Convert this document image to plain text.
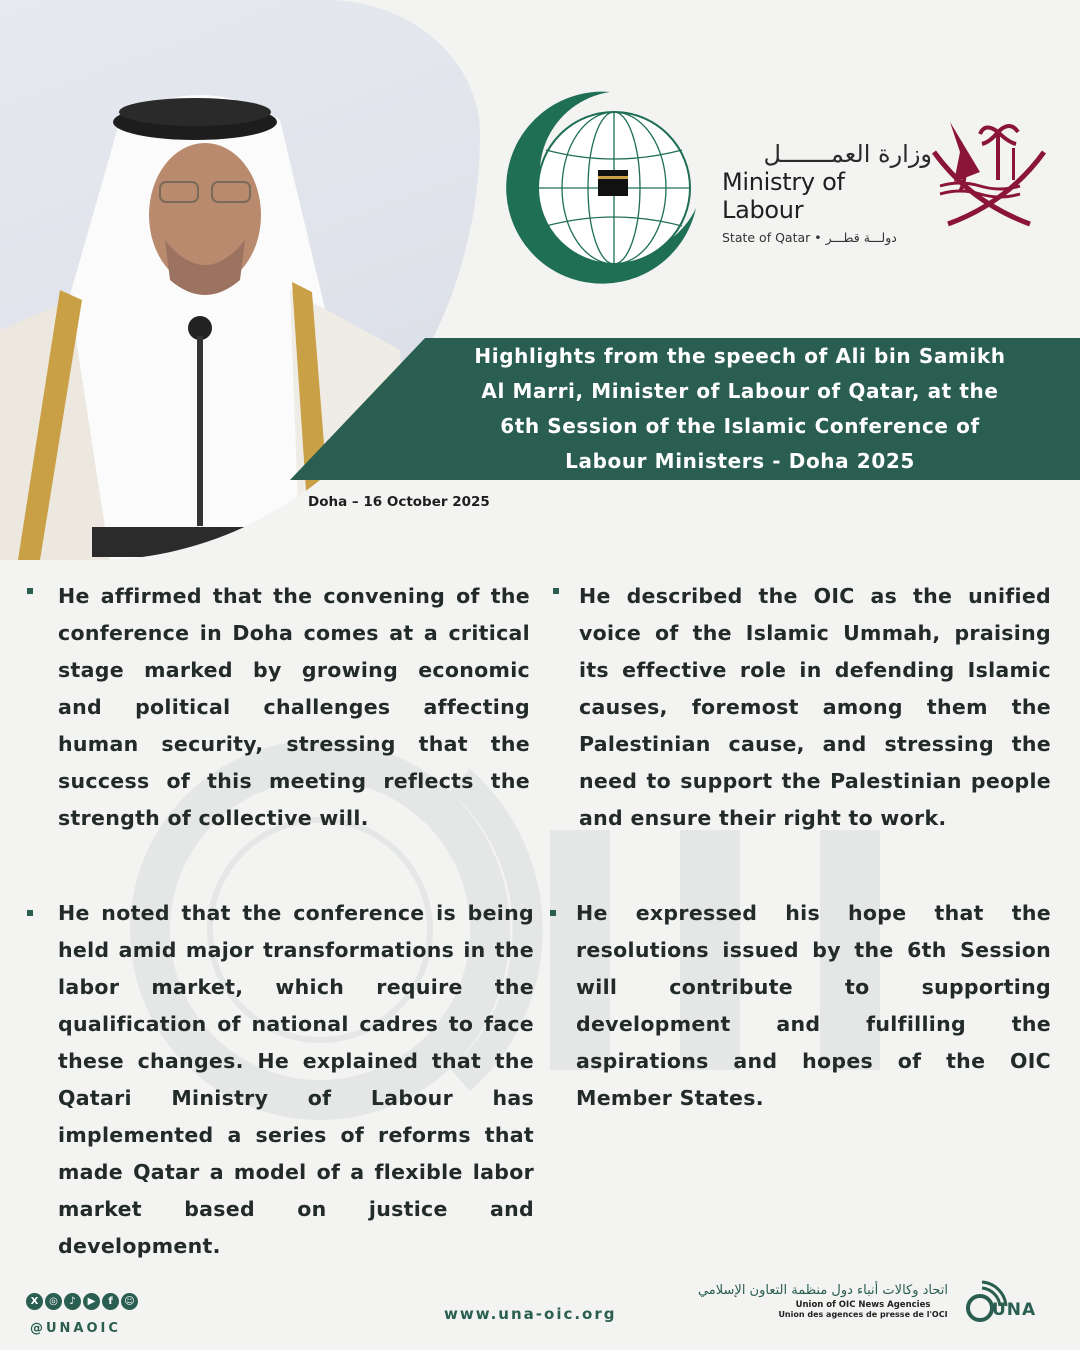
وزارة العمـــــــل
Ministry of Labour
State of Qatar • دولـــة قطـــر
Highlights from the speech of Ali bin Samikh
Al Marri, Minister of Labour of Qatar, at the
6th Session of the Islamic Conference of
Labour Ministers - Doha 2025
Doha – 16 October 2025
He affirmed that the convening of the conference in Doha comes at a critical stage marked by growing economic and political challenges affecting human security, stressing that the success of this meeting reflects the strength of collective will.
He described the OIC as the unified voice of the Islamic Ummah, praising its effective role in defending Islamic causes, foremost among them the Palestinian cause, and stressing the need to support the Palestinian people and ensure their right to work.
He noted that the conference is being held amid major transformations in the labor market, which require the qualification of national cadres to face these changes. He explained that the Qatari Ministry of Labour has implemented a series of reforms that made Qatar a model of a flexible labor market based on justice and development.
He expressed his hope that the resolutions issued by the 6th Session will contribute to supporting development and fulfilling the aspirations and hopes of the OIC Member States.
X	◎	♪	▶	f	☺
@UNAOIC
www.una-oic.org
اتحاد وكالات أنباء دول منظمة التعاون الإسلامي
Union of OIC News Agencies
Union des agences de presse de l'OCI	UNA
